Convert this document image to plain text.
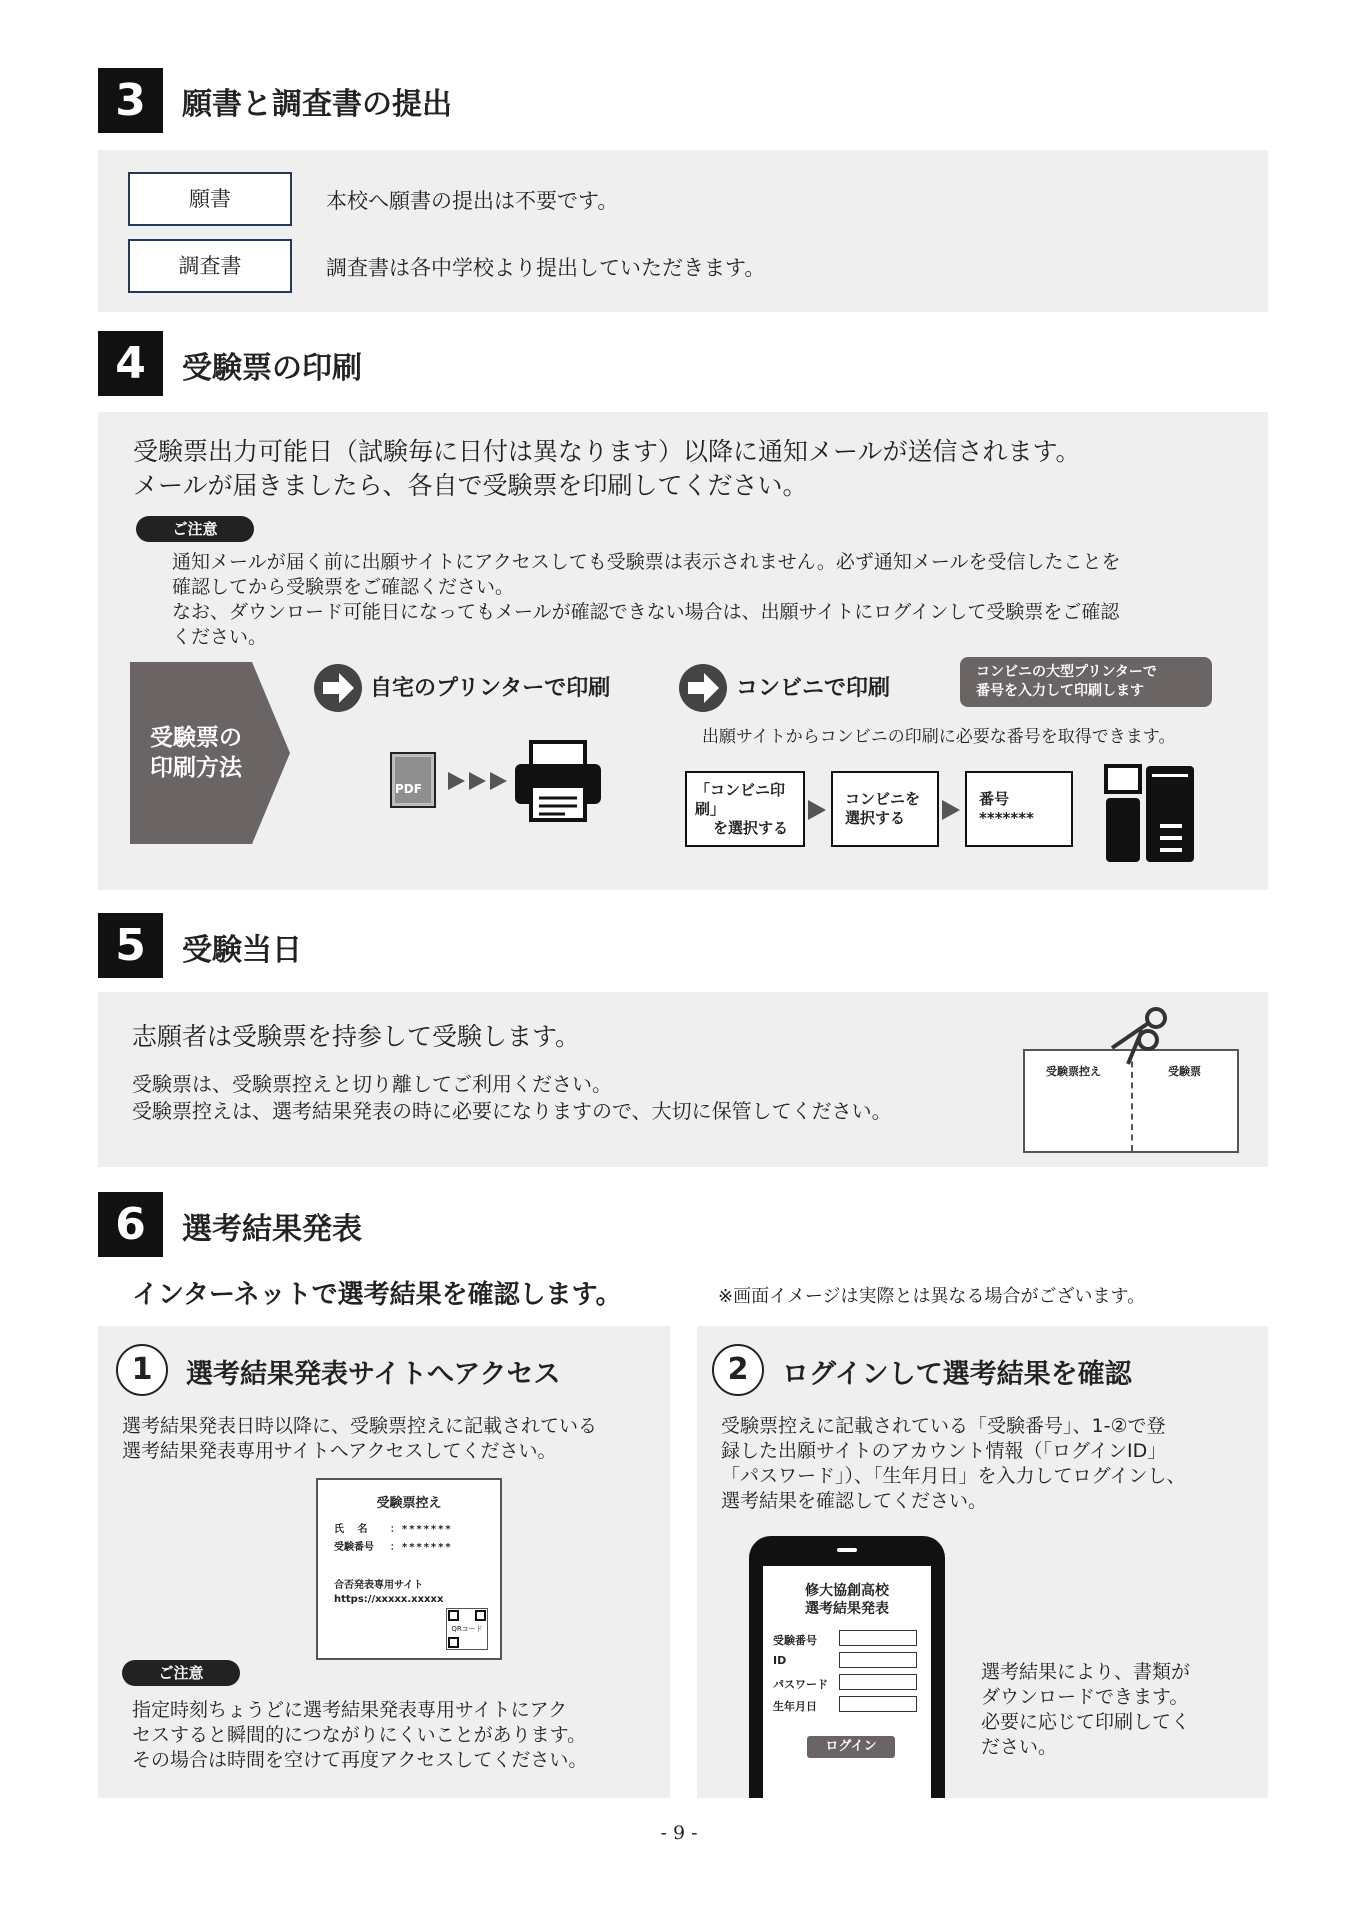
3	願書と調査書の提出
願書	本校へ願書の提出は不要です。
調査書	調査書は各中学校より提出していただきます。
4	受験票の印刷
受験票出力可能日（試験毎に日付は異なります）以降に通知メールが送信されます。
メールが届きましたら、各自で受験票を印刷してください。
ご注意
通知メールが届く前に出願サイトにアクセスしても受験票は表示されません。必ず通知メールを受信したことを
確認してから受験票をご確認ください。
なお、ダウンロード可能日になってもメールが確認できない場合は、出願サイトにログインして受験票をご確認
ください。
受験票の
印刷方法
自宅のプリンターで印刷
PDF
コンビニで印刷
コンビニの大型プリンターで
番号を入力して印刷します
出願サイトからコンビニの印刷に必要な番号を取得できます。
「コンビニ印刷」
を選択する
コンビニを
選択する
番号
*******
5	受験当日
志願者は受験票を持参して受験します。
受験票は、受験票控えと切り離してご利用ください。
受験票控えは、選考結果発表の時に必要になりますので、大切に保管してください。
受験票控え	受験票
6	選考結果発表
インターネットで選考結果を確認します。	※画面イメージは実際とは異なる場合がございます。
1	選考結果発表サイトへアクセス
選考結果発表日時以降に、受験票控えに記載されている
選考結果発表専用サイトへアクセスしてください。
受験票控え
氏　 名 ：*******
受験番号 ：*******
合否発表専用サイト
https://xxxxx.xxxxx
QRコード
ご注意
指定時刻ちょうどに選考結果発表専用サイトにアク
セスすると瞬間的につながりにくいことがあります。
その場合は時間を空けて再度アクセスしてください。
2	ログインして選考結果を確認
受験票控えに記載されている「受験番号」、1-②で登
録した出願サイトのアカウント情報（「ログインID」
「パスワード」）、「生年月日」を入力してログインし、
選考結果を確認してください。
修大協創高校
選考結果発表
受験番号
ID
パスワード
生年月日
ログイン
選考結果により、書類が
ダウンロードできます。
必要に応じて印刷してく
ださい。
- 9 -
